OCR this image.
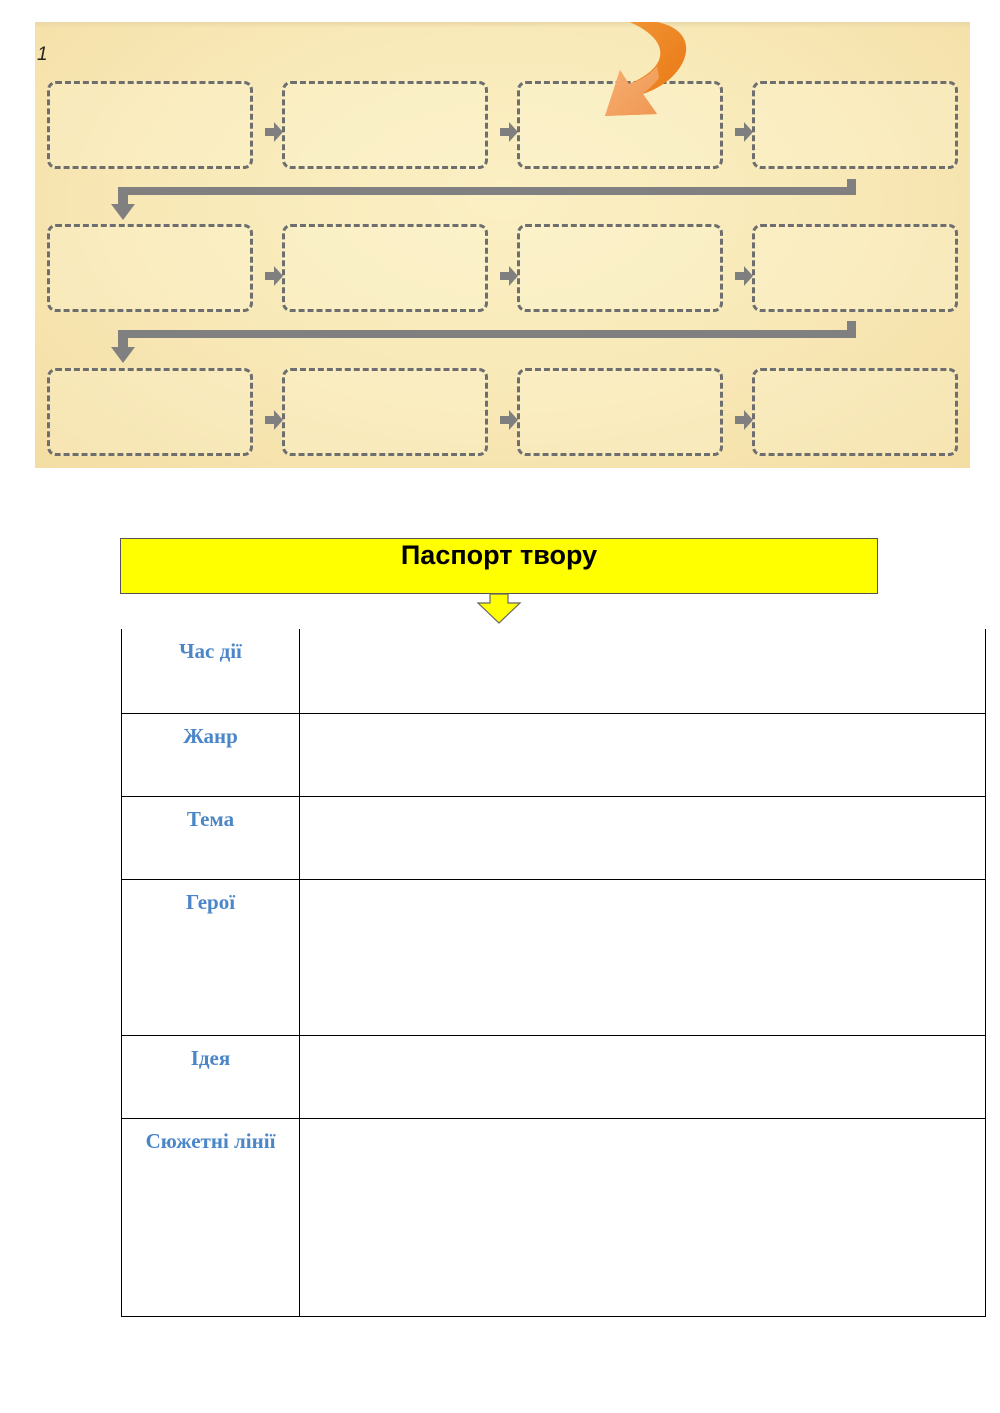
1
Паспорт твору
Час дії	
Жанр	
Тема	
Герої	
Ідея	
Сюжетні лінії	
